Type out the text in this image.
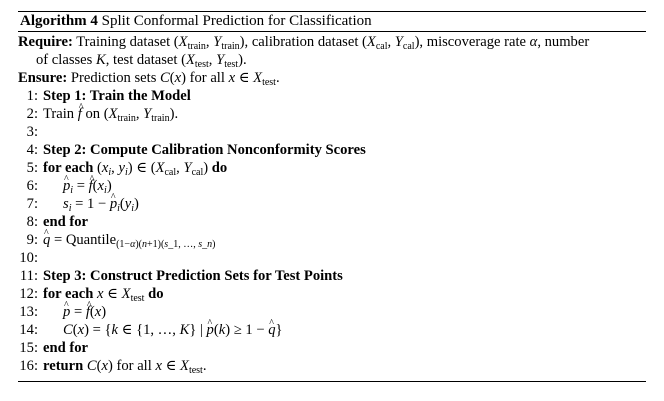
Algorithm 4 Split Conformal Prediction for Classification
Require: Training dataset ($X_{train}$, $Y_{train}$), calibration dataset ($X_{cal}$, $Y_{cal}$), miscoverage rate α, number
of classes K, test dataset ($X_{test}$, $Y_{test}$).
Ensure: Prediction sets C(x) for all x ∈ $X_{test}$.
1: Step 1: Train the Model
2: Train ^ f on ($X_{train}$, $Y_{train}$).
3:
4: Step 2: Compute Calibration Nonconformity Scores
5: for each ($x_i$, $y_i$) ∈ ($X_{cal}$, $Y_{cal}$) do
6: ^ $p_i$ = ^ $f(x_i)$
7: $s_i = 1$ − ^ $p_i(y_i)$
8: end for
9: ^ q = Quantile$_{(1-\alpha)(n+1)(s\_1, \dots, s\_n)}$
10:
11: Step 3: Construct Prediction Sets for Test Points
12: for each x ∈ $X_{test}$ do
13: ^ p = ^ f(x)
14: C(x) = {k ∈ {1, …, K} | ^ p(k) ≥ 1 − ^ q}
15: end for
16: return C(x) for all x ∈ $X_{test}$.
